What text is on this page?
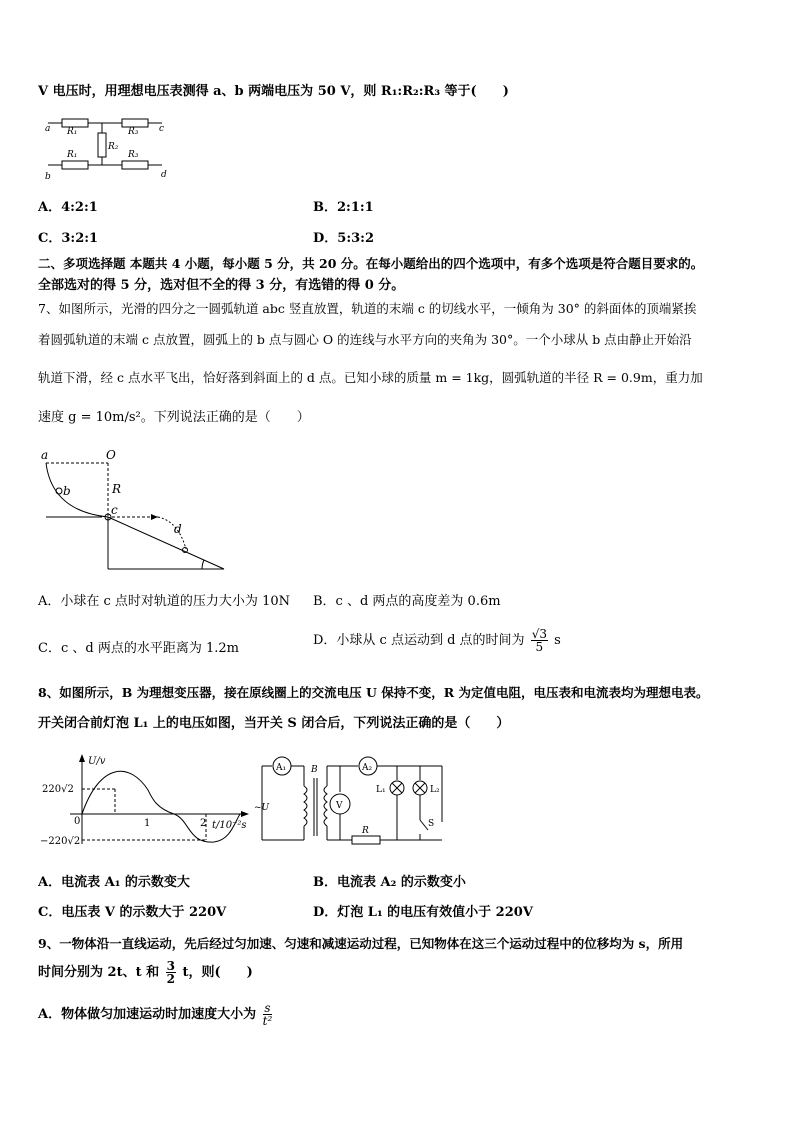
V 电压时，用理想电压表测得 a、b 两端电压为 50 V，则 R₁:R₂:R₃ 等于(　　)
a R₁	R₃ c
R₂
R₁	R₃
b	d
A．4:2:1	B．2:1:1
C．3:2:1	D．5:3:2
二、多项选择题 本题共 4 小题，每小题 5 分，共 20 分。在每小题给出的四个选项中，有多个选项是符合题目要求的。
全部选对的得 5 分，选对但不全的得 3 分，有选错的得 0 分。
7、如图所示，光滑的四分之一圆弧轨道 abc 竖直放置，轨道的末端 c 的切线水平，一倾角为 30° 的斜面体的顶端紧挨
着圆弧轨道的末端 c 点放置，圆弧上的 b 点与圆心 O 的连线与水平方向的夹角为 30°。一个小球从 b 点由静止开始沿
轨道下滑，经 c 点水平飞出，恰好落到斜面上的 d 点。已知小球的质量 m = 1kg，圆弧轨道的半径 R = 0.9m，重力加
速度 g = 10m/s²。下列说法正确的是（　　）
a	O
b	R
c
d
A．小球在 c 点时对轨道的压力大小为 10N B．c 、d 两点的高度差为 0.6m
C．c 、d 两点的水平距离为 1.2m
D．小球从 c 点运动到 d 点的时间为 $\frac{√3}{5}$ s
8、如图所示，B 为理想变压器，接在原线圈上的交流电压 U 保持不变，R 为定值电阻，电压表和电流表均为理想电表。
开关闭合前灯泡 L₁ 上的电压如图，当开关 S 闭合后，下列说法正确的是（　　）
U/v
220√2
0	1	2 t/10⁻²s
−220√2
A₁	A₂
B
~U	V
L₁	L₂
R
S
A．电流表 A₁ 的示数变大	B．电流表 A₂ 的示数变小
C．电压表 V 的示数大于 220V	D．灯泡 L₁ 的电压有效值小于 220V
9、一物体沿一直线运动，先后经过匀加速、匀速和减速运动过程，已知物体在这三个运动过程中的位移均为 s，所用
时间分别为 2t、t 和 $\frac{3}{2}$ t，则(　　)
A．物体做匀加速运动时加速度大小为 $\frac{s}{\text{t²}}$
